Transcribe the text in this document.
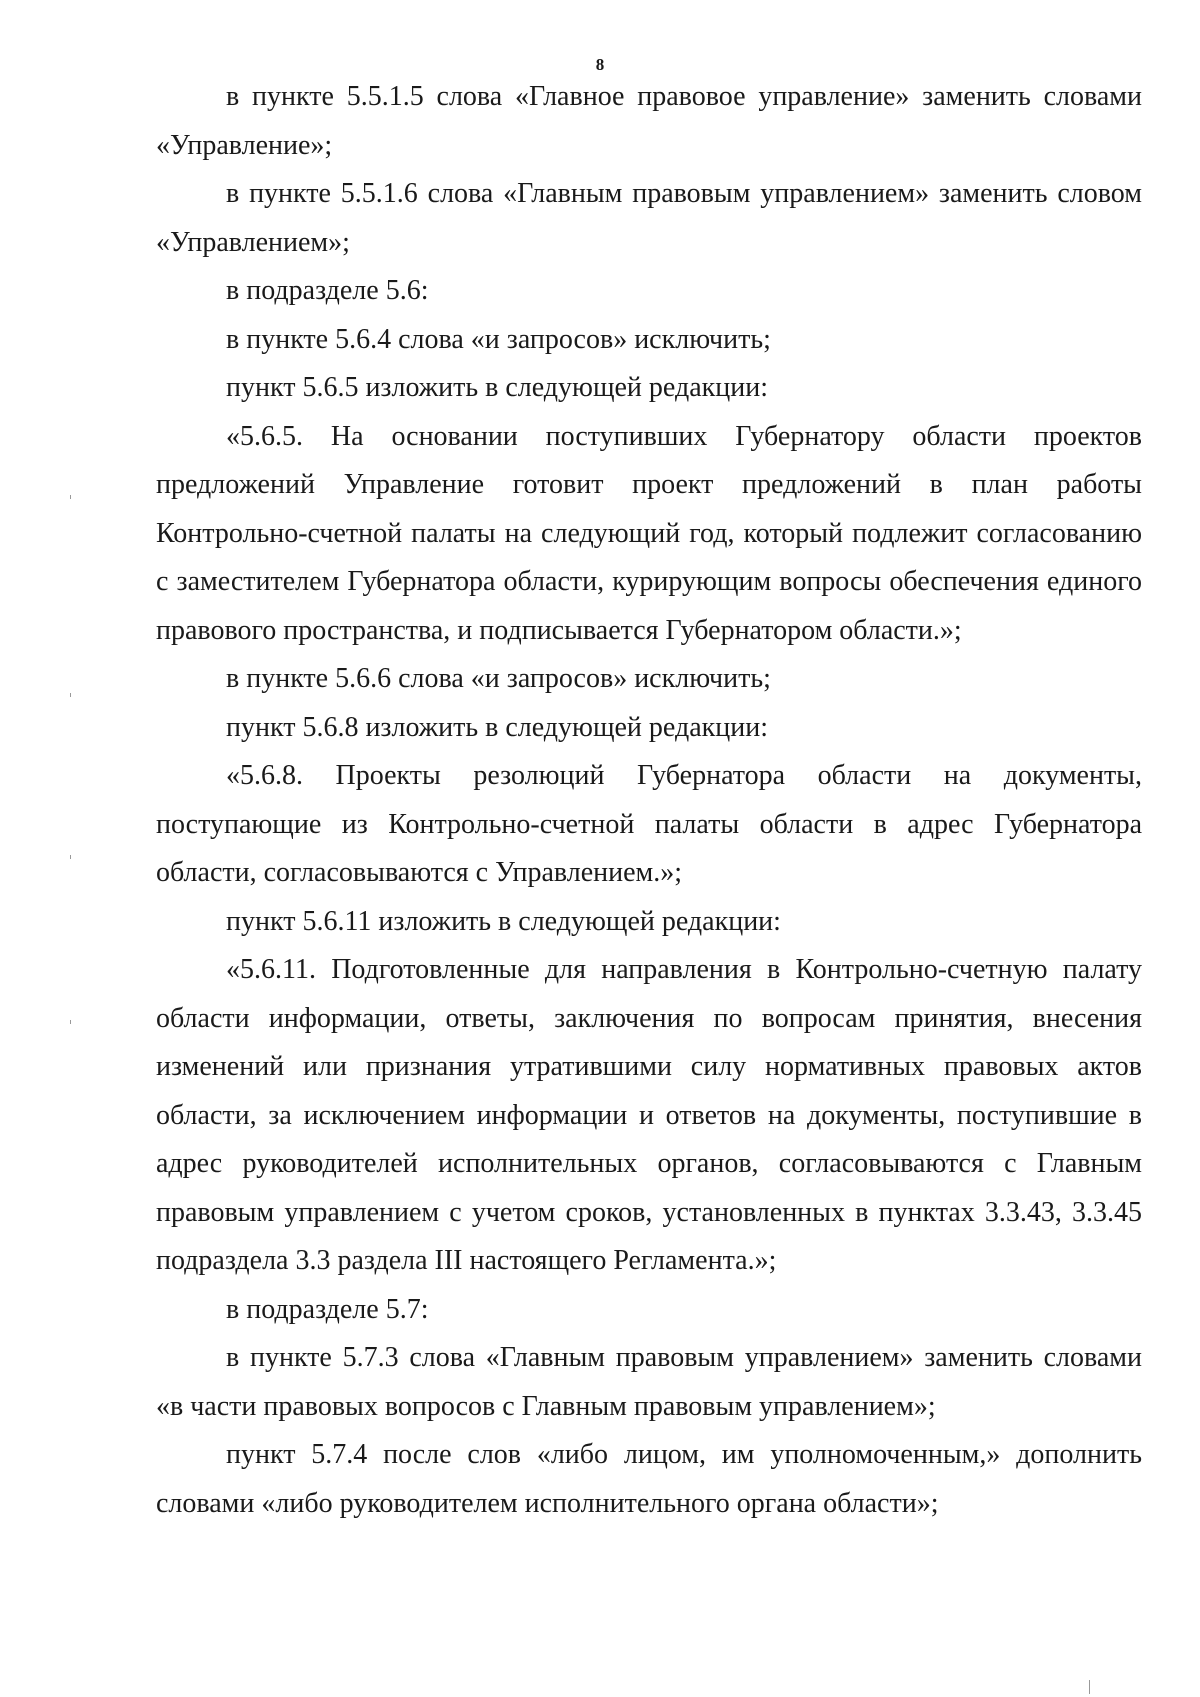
8

в пункте 5.5.1.5 слова «Главное правовое управление» заменить словами «Управление»;

в пункте 5.5.1.6 слова «Главным правовым управлением» заменить словом «Управлением»;

в подразделе 5.6:

в пункте 5.6.4 слова «и запросов» исключить;

пункт 5.6.5 изложить в следующей редакции:

«5.6.5. На основании поступивших Губернатору области проектов предложений Управление готовит проект предложений в план работы Контрольно-счетной палаты на следующий год, который подлежит согласованию с заместителем Губернатора области, курирующим вопросы обеспечения единого правового пространства, и подписывается Губернатором области.»;

в пункте 5.6.6 слова «и запросов» исключить;

пункт 5.6.8 изложить в следующей редакции:

«5.6.8. Проекты резолюций Губернатора области на документы, поступающие из Контрольно-счетной палаты области в адрес Губернатора области, согласовываются с Управлением.»;

пункт 5.6.11 изложить в следующей редакции:

«5.6.11. Подготовленные для направления в Контрольно-счетную палату области информации, ответы, заключения по вопросам принятия, внесения изменений или признания утратившими силу нормативных правовых актов области, за исключением информации и ответов на документы, поступившие в адрес руководителей исполнительных органов, согласовываются с Главным правовым управлением с учетом сроков, установленных в пунктах 3.3.43, 3.3.45 подраздела 3.3 раздела III настоящего Регламента.»;

в подразделе 5.7:

в пункте 5.7.3 слова «Главным правовым управлением» заменить словами «в части правовых вопросов с Главным правовым управлением»;

пункт 5.7.4 после слов «либо лицом, им уполномоченным,» дополнить словами «либо руководителем исполнительного органа области»;
